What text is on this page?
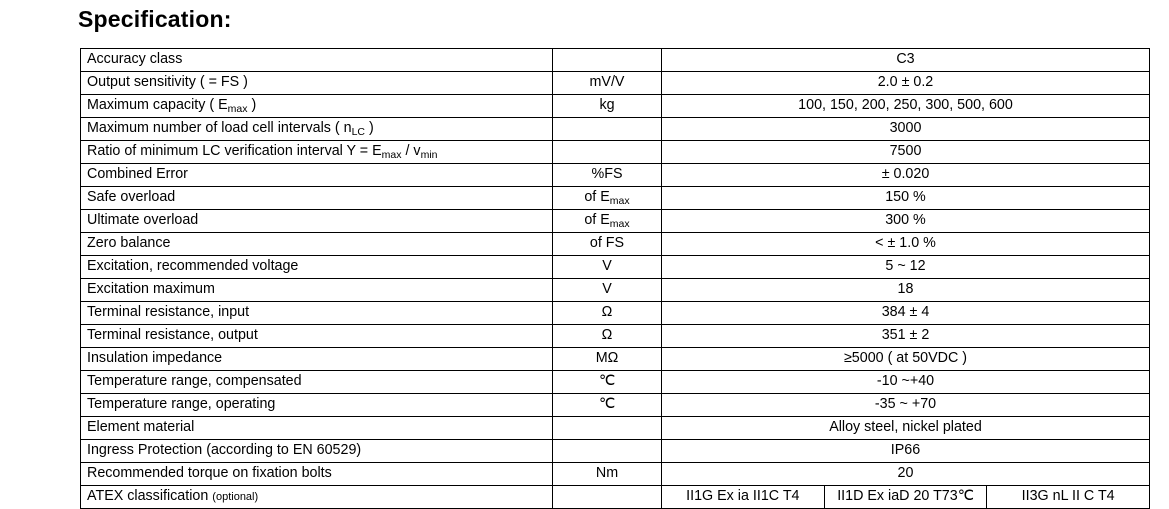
Specification:
Accuracy class		C3		
Output sensitivity ( = FS )	mV/V	2.0 ± 0.2		
Maximum capacity ( $E_{max}$ )	kg	100, 150, 200, 250, 300, 500, 600		
Maximum number of load cell intervals ( $n_{LC}$ )		3000		
Ratio of minimum LC verification interval $Y = E_{max} / v_{min}$		7500		
Combined Error	%FS	± 0.020		
Safe overload	of $E_{max}$	150 %		
Ultimate overload	of $E_{max}$	300 %		
Zero balance	of FS	< ± 1.0 %		
Excitation, recommended voltage	V	5 ~ 12		
Excitation maximum	V	18		
Terminal resistance, input	Ω	384 ± 4		
Terminal resistance, output	Ω	351 ± 2		
Insulation impedance	MΩ	≥5000 ( at 50VDC )		
Temperature range, compensated	℃	-10 ~+40		
Temperature range, operating	℃	-35 ~ +70		
Element material		Alloy steel, nickel plated		
Ingress Protection (according to EN 60529)		IP66		
Recommended torque on fixation bolts	Nm	20		
ATEX classification (optional)		II1G Ex ia II1C T4	II1D Ex iaD 20 T73℃	II3G nL II C T4
